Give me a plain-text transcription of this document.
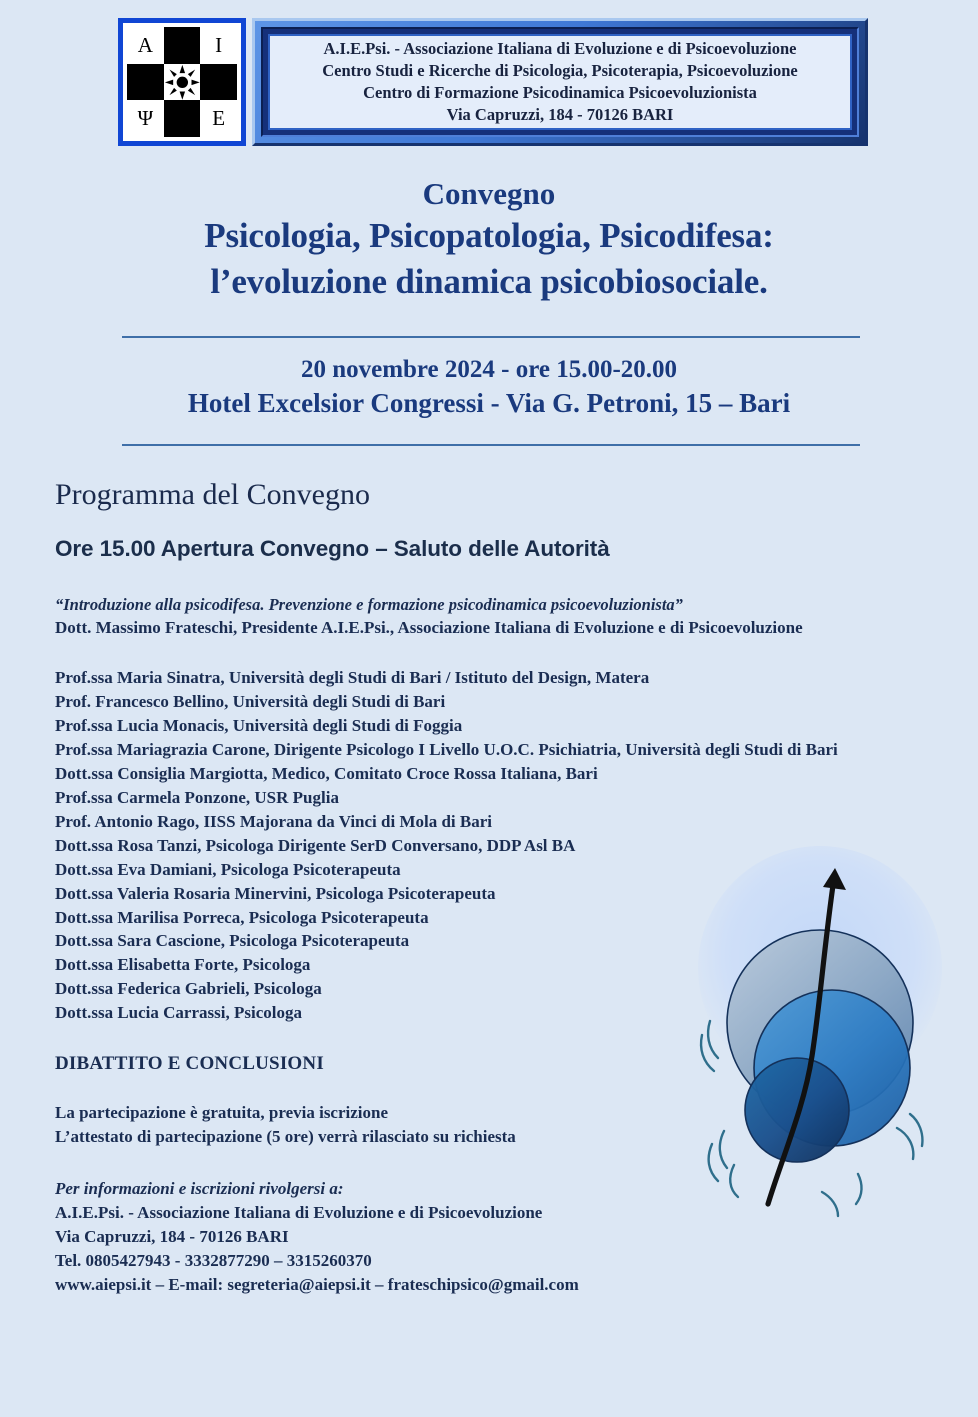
A	I
Ψ	E
A.I.E.Psi. - Associazione Italiana di Evoluzione e di Psicoevoluzione
Centro Studi e Ricerche di Psicologia, Psicoterapia, Psicoevoluzione
Centro di Formazione Psicodinamica Psicoevoluzionista
Via Capruzzi, 184 - 70126 BARI
Convegno
Psicologia, Psicopatologia, Psicodifesa:
l’evoluzione dinamica psicobiosociale.
20 novembre 2024 - ore 15.00-20.00
Hotel Excelsior Congressi - Via G. Petroni, 15 – Bari
Programma del Convegno
Ore 15.00 Apertura Convegno – Saluto delle Autorità
“Introduzione alla psicodifesa. Prevenzione e formazione psicodinamica psicoevoluzionista”
Dott. Massimo Frateschi, Presidente A.I.E.Psi., Associazione Italiana di Evoluzione e di Psicoevoluzione
Prof.ssa Maria Sinatra, Università degli Studi di Bari / Istituto del Design, Matera
Prof. Francesco Bellino, Università degli Studi di Bari
Prof.ssa Lucia Monacis, Università degli Studi di Foggia
Prof.ssa Mariagrazia Carone, Dirigente Psicologo I Livello U.O.C. Psichiatria, Università degli Studi di Bari
Dott.ssa Consiglia Margiotta, Medico, Comitato Croce Rossa Italiana, Bari
Prof.ssa Carmela Ponzone, USR Puglia
Prof. Antonio Rago, IISS Majorana da Vinci di Mola di Bari
Dott.ssa Rosa Tanzi, Psicologa Dirigente SerD Conversano, DDP Asl BA
Dott.ssa Eva Damiani, Psicologa Psicoterapeuta
Dott.ssa Valeria Rosaria Minervini, Psicologa Psicoterapeuta
Dott.ssa Marilisa Porreca, Psicologa Psicoterapeuta
Dott.ssa Sara Cascione, Psicologa Psicoterapeuta
Dott.ssa Elisabetta Forte, Psicologa
Dott.ssa Federica Gabrieli, Psicologa
Dott.ssa Lucia Carrassi, Psicologa
DIBATTITO E CONCLUSIONI
La partecipazione è gratuita, previa iscrizione
L’attestato di partecipazione (5 ore) verrà rilasciato su richiesta
Per informazioni e iscrizioni rivolgersi a:
A.I.E.Psi. - Associazione Italiana di Evoluzione e di Psicoevoluzione
Via Capruzzi, 184 - 70126 BARI
Tel. 0805427943 - 3332877290 – 3315260370
www.aiepsi.it – E-mail: segreteria@aiepsi.it – frateschipsico@gmail.com
